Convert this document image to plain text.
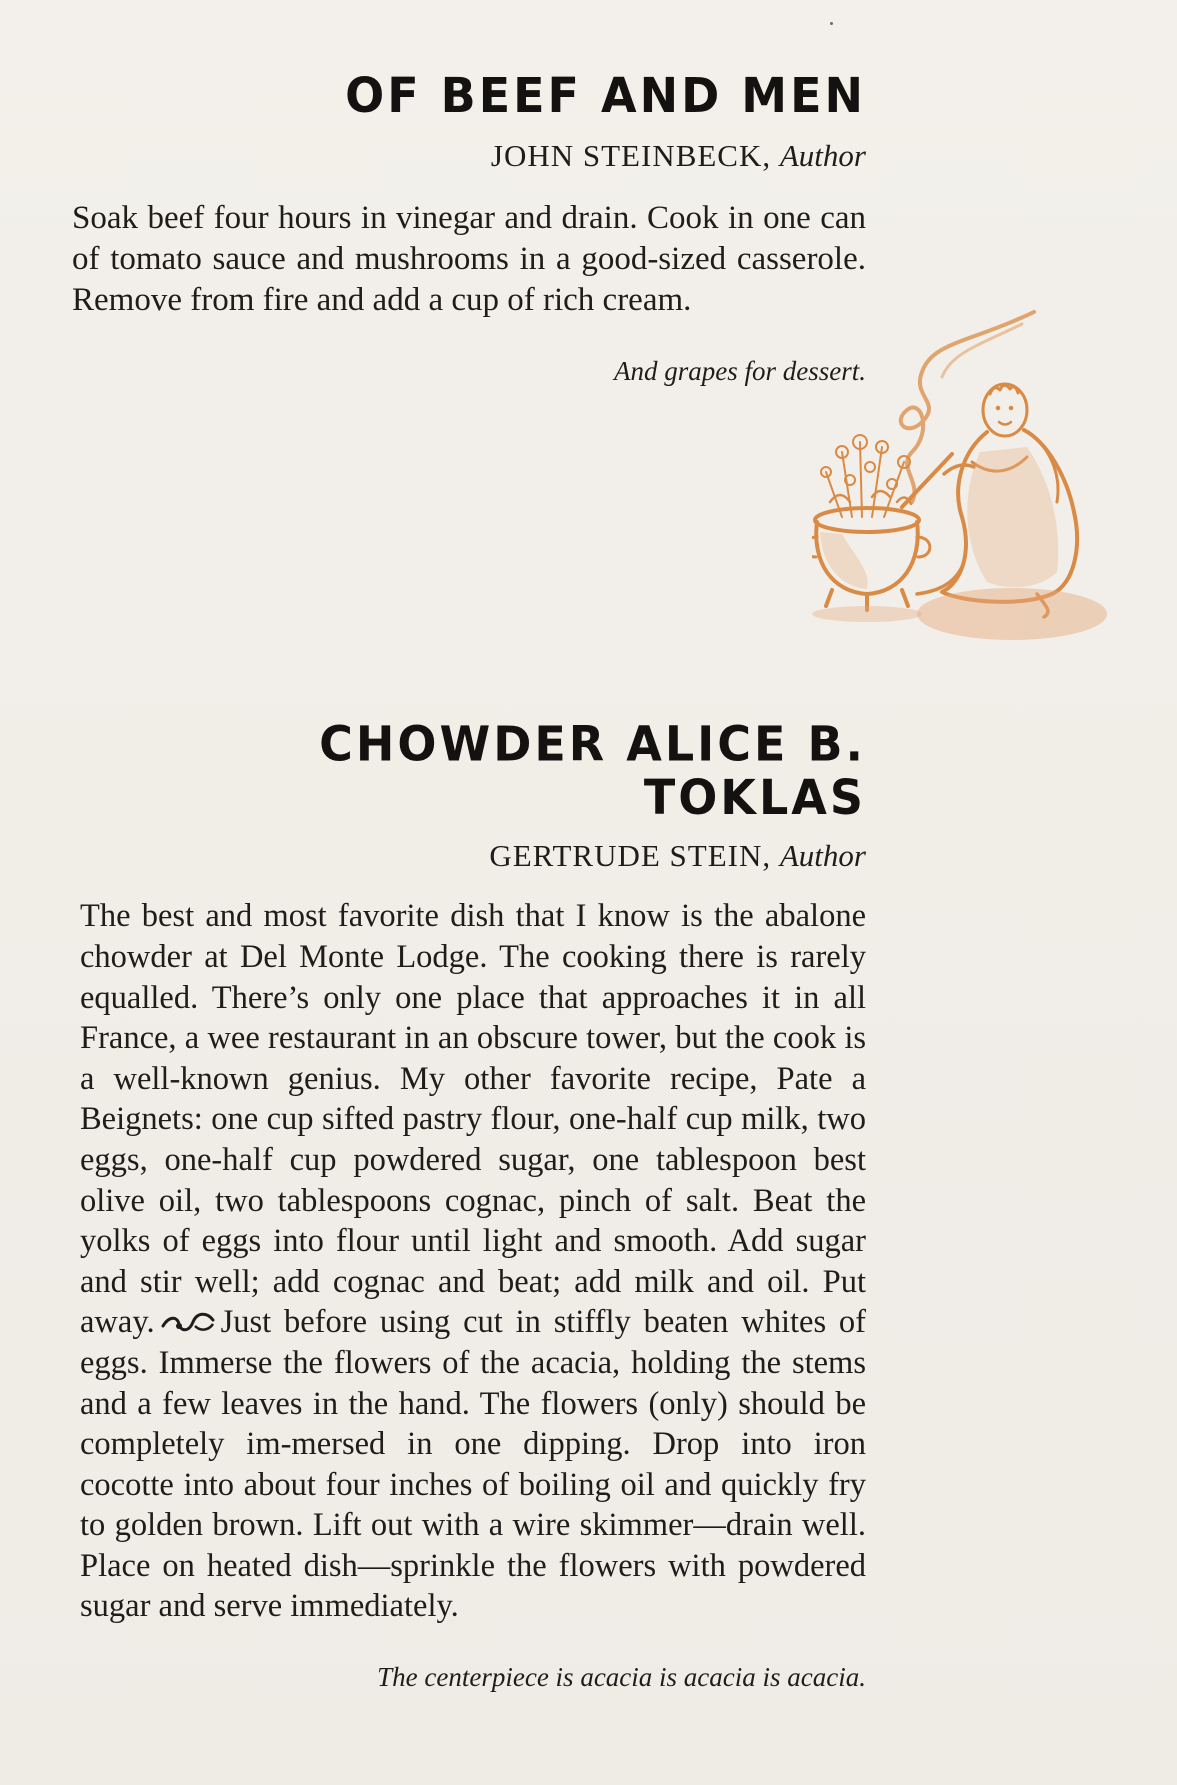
OF BEEF AND MEN
JOHN STEINBECK, Author

Soak beef four hours in vinegar and drain. Cook in one can of tomato sauce and mushrooms in a good-sized casserole. Remove from fire and add a cup of rich cream.

And grapes for dessert.
CHOWDER ALICE B. TOKLAS
GERTRUDE STEIN, Author

The best and most favorite dish that I know is the abalone chowder at Del Monte Lodge. The cooking there is rarely equalled. There’s only one place that approaches it in all France, a wee restaurant in an obscure tower, but the cook is a well-known genius. My other favorite recipe, Pate a Beignets: one cup sifted pastry flour, one-half cup milk, two eggs, one-half cup powdered sugar, one tablespoon best olive oil, two tablespoons cognac, pinch of salt. Beat the yolks of eggs into flour until light and smooth. Add sugar and stir well; add cognac and beat; add milk and oil. Put away. Just before using cut in stiffly beaten whites of eggs. Immerse the flowers of the acacia, holding the stems and a few leaves in the hand. The flowers (only) should be completely im-mersed in one dipping. Drop into iron cocotte into about four inches of boiling oil and quickly fry to golden brown. Lift out with a wire skimmer—drain well. Place on heated dish—sprinkle the flowers with powdered sugar and serve immediately.

The centerpiece is acacia is acacia is acacia.
